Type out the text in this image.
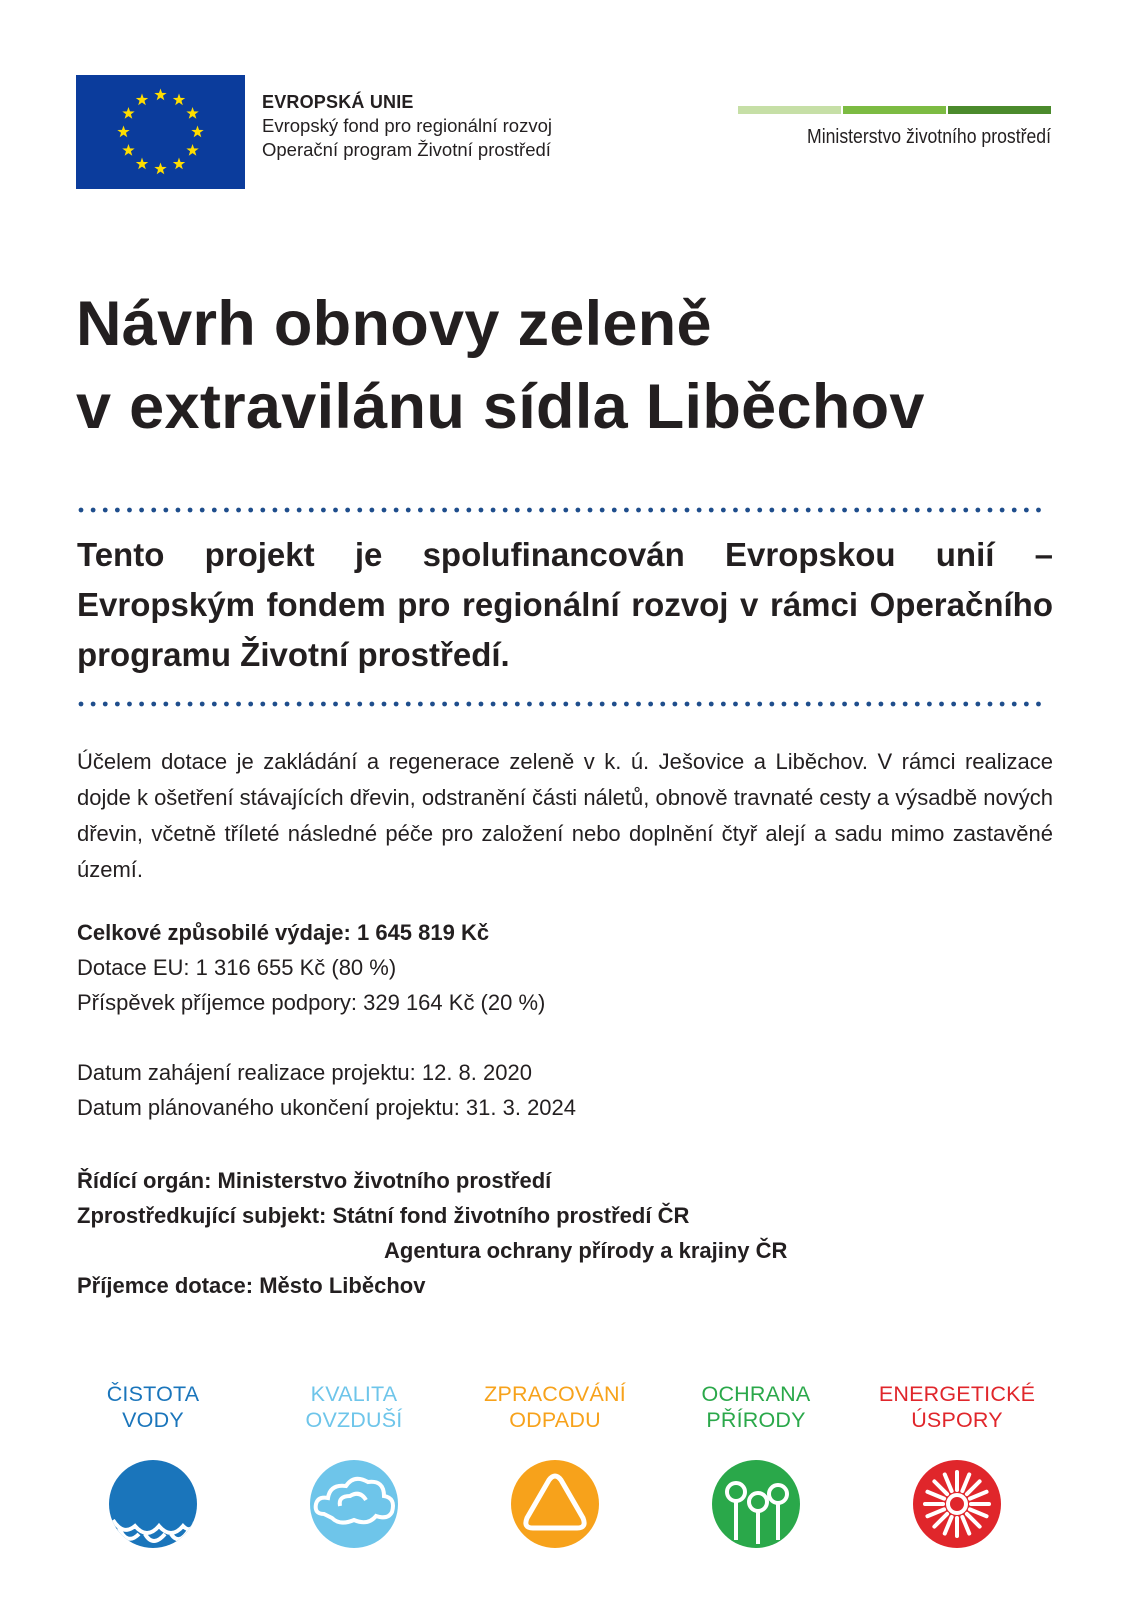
EVROPSKÁ UNIE
Evropský fond pro regionální rozvoj
Operační program Životní prostředí
Ministerstvo životního prostředí
Návrh obnovy zeleně
v extravilánu sídla Liběchov
Tento projekt je spolufinancován Evropskou unií – Evropským fondem pro regionální rozvoj v rámci Operačního programu Životní prostředí.
Účelem dotace je zakládání a regenerace zeleně v k. ú. Ješovice a Liběchov. V rámci realizace dojde k ošetření stávajících dřevin, odstranění části náletů, obnově travnaté cesty a výsadbě nových dřevin, včetně tříleté následné péče pro založení nebo doplnění čtyř alejí a sadu mimo zastavěné území.
Celkové způsobilé výdaje: 1 645 819 Kč
Dotace EU: 1 316 655 Kč (80 %)
Příspěvek příjemce podpory: 329 164 Kč (20 %)
Datum zahájení realizace projektu: 12. 8. 2020
Datum plánovaného ukončení projektu: 31. 3. 2024
Řídící orgán: Ministerstvo životního prostředí
Zprostředkující subjekt: Státní fond životního prostředí ČR
Agentura ochrany přírody a krajiny ČR
Příjemce dotace: Město Liběchov
ČISTOTA
VODY
KVALITA
OVZDUŠÍ
ZPRACOVÁNÍ
ODPADU
OCHRANA
PŘÍRODY
ENERGETICKÉ
ÚSPORY
